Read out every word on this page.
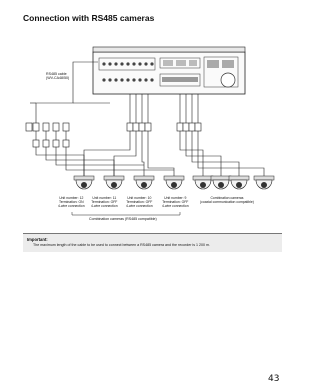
Connection with RS485 cameras
RS485 cable
(WV-CA48/50)
Unit number: 12
Termination: ON
4-wire connection
Unit number: 11
Termination: OFF
4-wire connection
Unit number: 10
Termination: OFF
4-wire connection
Unit number: 9
Termination: OFF
4-wire connection
Combination cameras
(coaxial communication compatible)
Combination cameras (RS485 compatible)
Important:
The maximum length of the cable to be used to connect between a RS485 camera and the recorder is 1 200 m.
43
